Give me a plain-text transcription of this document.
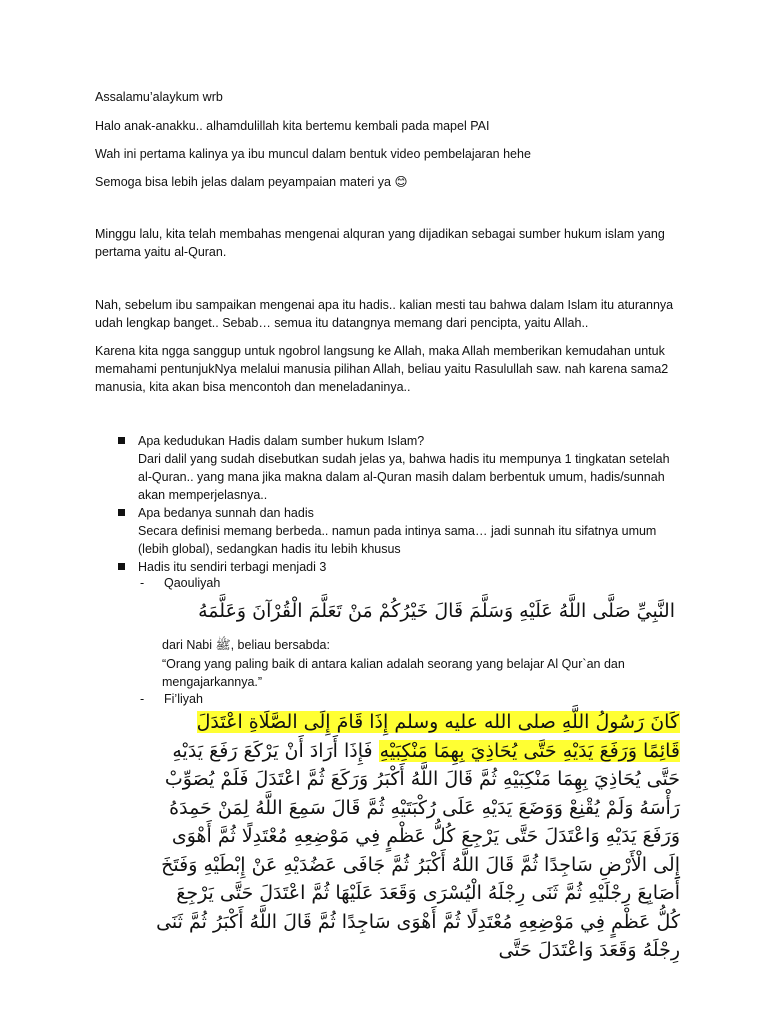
Assalamu’alaykum wrb

Halo anak-anakku.. alhamdulillah kita bertemu kembali pada mapel PAI

Wah ini pertama kalinya ya ibu muncul dalam bentuk video pembelajaran hehe

Semoga bisa lebih jelas dalam peyampaian materi ya 😊

Minggu lalu, kita telah membahas mengenai alquran yang dijadikan sebagai sumber hukum islam yang pertama yaitu al-Quran.

Nah, sebelum ibu sampaikan mengenai apa itu hadis.. kalian mesti tau bahwa dalam Islam itu aturannya udah lengkap banget.. Sebab… semua itu datangnya memang dari pencipta, yaitu Allah..

Karena kita ngga sanggup untuk ngobrol langsung ke Allah, maka Allah memberikan kemudahan untuk memahami pentunjukNya melalui manusia pilihan Allah, beliau yaitu Rasulullah saw. nah karena sama2 manusia, kita akan bisa mencontoh dan meneladaninya..

Apa kedudukan Hadis dalam sumber hukum Islam?
Dari dalil yang sudah disebutkan sudah jelas ya, bahwa hadis itu mempunya 1 tingkatan setelah al-Quran.. yang mana jika makna dalam al-Quran masih dalam berbentuk umum, hadis/sunnah akan memperjelasnya..
Apa bedanya sunnah dan hadis
Secara definisi memang berbeda.. namun pada intinya sama… jadi sunnah itu sifatnya umum (lebih global), sedangkan hadis itu lebih khusus
Hadis itu sendiri terbagi menjadi 3
- Qaouliyah
النَّبِيِّ صَلَّى اللَّهُ عَلَيْهِ وَسَلَّمَ قَالَ خَيْرُكُمْ مَنْ تَعَلَّمَ الْقُرْآنَ وَعَلَّمَهُ
dari Nabi ﷺ, beliau bersabda:
“Orang yang paling baik di antara kalian adalah seorang yang belajar Al Qur`an dan mengajarkannya.”
- Fi’liyah
كَانَ رَسُولُ اللَّهِ صلى الله عليه وسلم إِذَا قَامَ إِلَى الصَّلَاةِ اعْتَدَلَ قَائِمًا وَرَفَعَ يَدَيْهِ حَتَّى يُحَاذِيَ بِهِمَا مَنْكِبَيْهِ فَإِذَا أَرَادَ أَنْ يَرْكَعَ رَفَعَ يَدَيْهِ حَتَّى يُحَاذِيَ بِهِمَا مَنْكِبَيْهِ ثُمَّ قَالَ اللَّهُ أَكْبَرُ وَرَكَعَ ثُمَّ اعْتَدَلَ فَلَمْ يُصَوِّبْ رَأْسَهُ وَلَمْ يُقْنِعْ وَوَضَعَ يَدَيْهِ عَلَى رُكْبَتَيْهِ ثُمَّ قَالَ سَمِعَ اللَّهُ لِمَنْ حَمِدَهُ وَرَفَعَ يَدَيْهِ وَاعْتَدَلَ حَتَّى يَرْجِعَ كُلُّ عَظْمٍ فِي مَوْضِعِهِ مُعْتَدِلًا ثُمَّ أَهْوَى إِلَى الْأَرْضِ سَاجِدًا ثُمَّ قَالَ اللَّهُ أَكْبَرُ ثُمَّ جَافَى عَضُدَيْهِ عَنْ إِبْطَيْهِ وَفَتَخَ أَصَابِعَ رِجْلَيْهِ ثُمَّ ثَنَى رِجْلَهُ الْيُسْرَى وَقَعَدَ عَلَيْهَا ثُمَّ اعْتَدَلَ حَتَّى يَرْجِعَ كُلُّ عَظْمٍ فِي مَوْضِعِهِ مُعْتَدِلًا ثُمَّ أَهْوَى سَاجِدًا ثُمَّ قَالَ اللَّهُ أَكْبَرُ ثُمَّ ثَنَى رِجْلَهُ وَقَعَدَ وَاعْتَدَلَ حَتَّى
